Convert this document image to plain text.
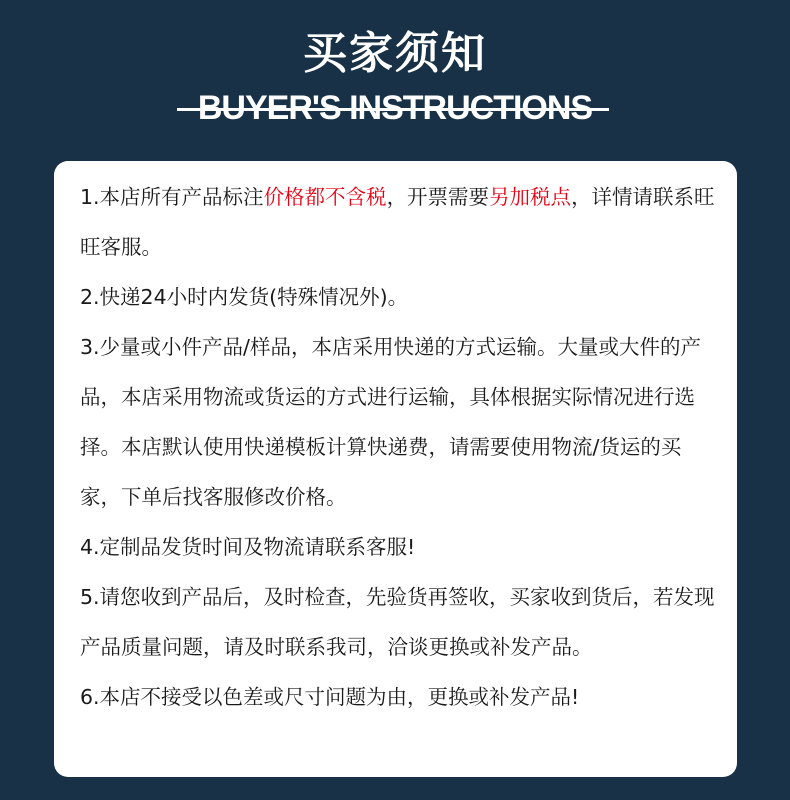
买家须知
BUYER'S INSTRUCTIONS

1.本店所有产品标注价格都不含税，开票需要另加税点，详情请联系旺旺客服。

2.快递24小时内发货(特殊情况外)。

3.少量或小件产品/样品，本店采用快递的方式运输。大量或大件的产品，本店采用物流或货运的方式进行运输，具体根据实际情况进行选择。本店默认使用快递模板计算快递费，请需要使用物流/货运的买家，下单后找客服修改价格。

4.定制品发货时间及物流请联系客服!

5.请您收到产品后，及时检查，先验货再签收，买家收到货后，若发现产品质量问题，请及时联系我司，洽谈更换或补发产品。

6.本店不接受以色差或尺寸问题为由，更换或补发产品!
